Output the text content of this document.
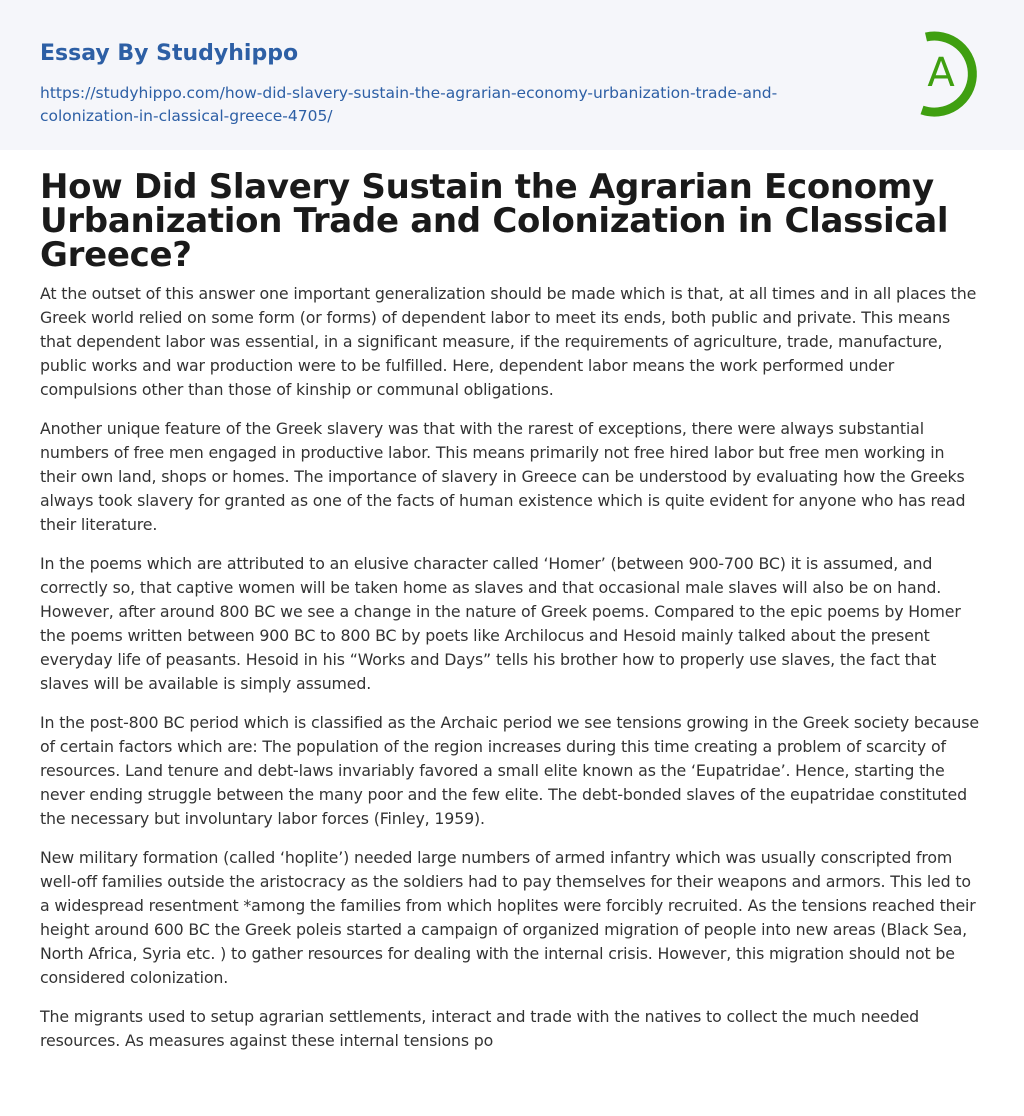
Essay By Studyhippo
https://studyhippo.com/how-did-slavery-sustain-the-agrarian-economy-urbanization-trade-and-colonization-in-classical-greece-4705/
A
How Did Slavery Sustain the Agrarian Economy Urbanization Trade and Colonization in Classical Greece?

At the outset of this answer one important generalization should be made which is that, at all times and in all places the Greek world relied on some form (or forms) of dependent labor to meet its ends, both public and private. This means that dependent labor was essential, in a significant measure, if the requirements of agriculture, trade, manufacture, public works and war production were to be fulfilled. Here, dependent labor means the work performed under compulsions other than those of kinship or communal obligations.

Another unique feature of the Greek slavery was that with the rarest of exceptions, there were always substantial numbers of free men engaged in productive labor. This means primarily not free hired labor but free men working in their own land, shops or homes. The importance of slavery in Greece can be understood by evaluating how the Greeks always took slavery for granted as one of the facts of human existence which is quite evident for anyone who has read their literature.

In the poems which are attributed to an elusive character called ‘Homer’ (between 900-700 BC) it is assumed, and correctly so, that captive women will be taken home as slaves and that occasional male slaves will also be on hand. However, after around 800 BC we see a change in the nature of Greek poems. Compared to the epic poems by Homer the poems written between 900 BC to 800 BC by poets like Archilocus and Hesoid mainly talked about the present everyday life of peasants. Hesoid in his “Works and Days” tells his brother how to properly use slaves, the fact that slaves will be available is simply assumed.

In the post-800 BC period which is classified as the Archaic period we see tensions growing in the Greek society because of certain factors which are: The population of the region increases during this time creating a problem of scarcity of resources. Land tenure and debt-laws invariably favored a small elite known as the ‘Eupatridae’. Hence, starting the never ending struggle between the many poor and the few elite. The debt-bonded slaves of the eupatridae constituted the necessary but involuntary labor forces (Finley, 1959).

New military formation (called ‘hoplite’) needed large numbers of armed infantry which was usually conscripted from well-off families outside the aristocracy as the soldiers had to pay themselves for their weapons and armors. This led to a widespread resentment *among the families from which hoplites were forcibly recruited. As the tensions reached their height around 600 BC the Greek poleis started a campaign of organized migration of people into new areas (Black Sea, North Africa, Syria etc. ) to gather resources for dealing with the internal crisis. However, this migration should not be considered colonization.

The migrants used to setup agrarian settlements, interact and trade with the natives to collect the much needed resources. As measures against these internal tensions po
